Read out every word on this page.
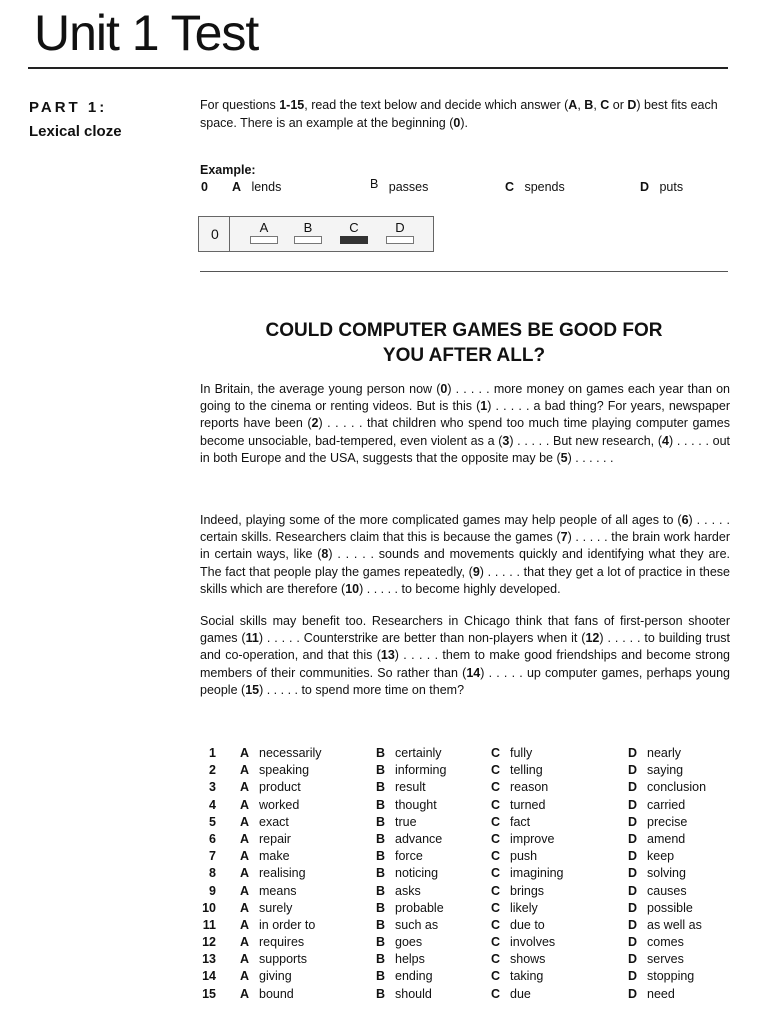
Unit 1 Test
PART 1:
Lexical cloze
For questions 1-15, read the text below and decide which answer (A, B, C or D) best fits each space. There is an example at the beginning (0).
Example:
0 A lends	B passes	C spends	D puts
0	A	B	C	D
COULD COMPUTER GAMES BE GOOD FOR
YOU AFTER ALL?

In Britain, the average young person now (0) . . . . . more money on games each year than on going to the cinema or renting videos. But is this (1) . . . . . a bad thing? For years, newspaper reports have been (2) . . . . . that children who spend too much time playing computer games become unsociable, bad-tempered, even violent as a (3) . . . . . But new research, (4) . . . . . out in both Europe and the USA, suggests that the opposite may be (5) . . . . . .

Indeed, playing some of the more complicated games may help people of all ages to (6) . . . . . certain skills. Researchers claim that this is because the games (7) . . . . . the brain work harder in certain ways, like (8) . . . . . sounds and movements quickly and identifying what they are. The fact that people play the games repeatedly, (9) . . . . . that they get a lot of practice in these skills which are therefore (10) . . . . . to become highly developed.

Social skills may benefit too. Researchers in Chicago think that fans of first-person shooter games (11) . . . . . Counterstrike are better than non-players when it (12) . . . . . to building trust and co-operation, and that this (13) . . . . . them to make good friendships and become strong members of their communities. So rather than (14) . . . . . up computer games, perhaps young people (15) . . . . . to spend more time on them?

1 A necessarily	B certainly	C fully	D nearly
2 A speaking	B informing	C telling	D saying
3 A product	B result	C reason	D conclusion
4 A worked	B thought	C turned	D carried
5 A exact	B true	C fact	D precise
6 A repair	B advance	C improve	D amend
7 A make	B force	C push	D keep
8 A realising	B noticing	C imagining	D solving
9 A means	B asks	C brings	D causes
10 A surely	B probable	C likely	D possible
11 A in order to	B such as	C due to	D as well as
12 A requires	B goes	C involves	D comes
13 A supports	B helps	C shows	D serves
14 A giving	B ending	C taking	D stopping
15 A bound	B should	C due	D need
